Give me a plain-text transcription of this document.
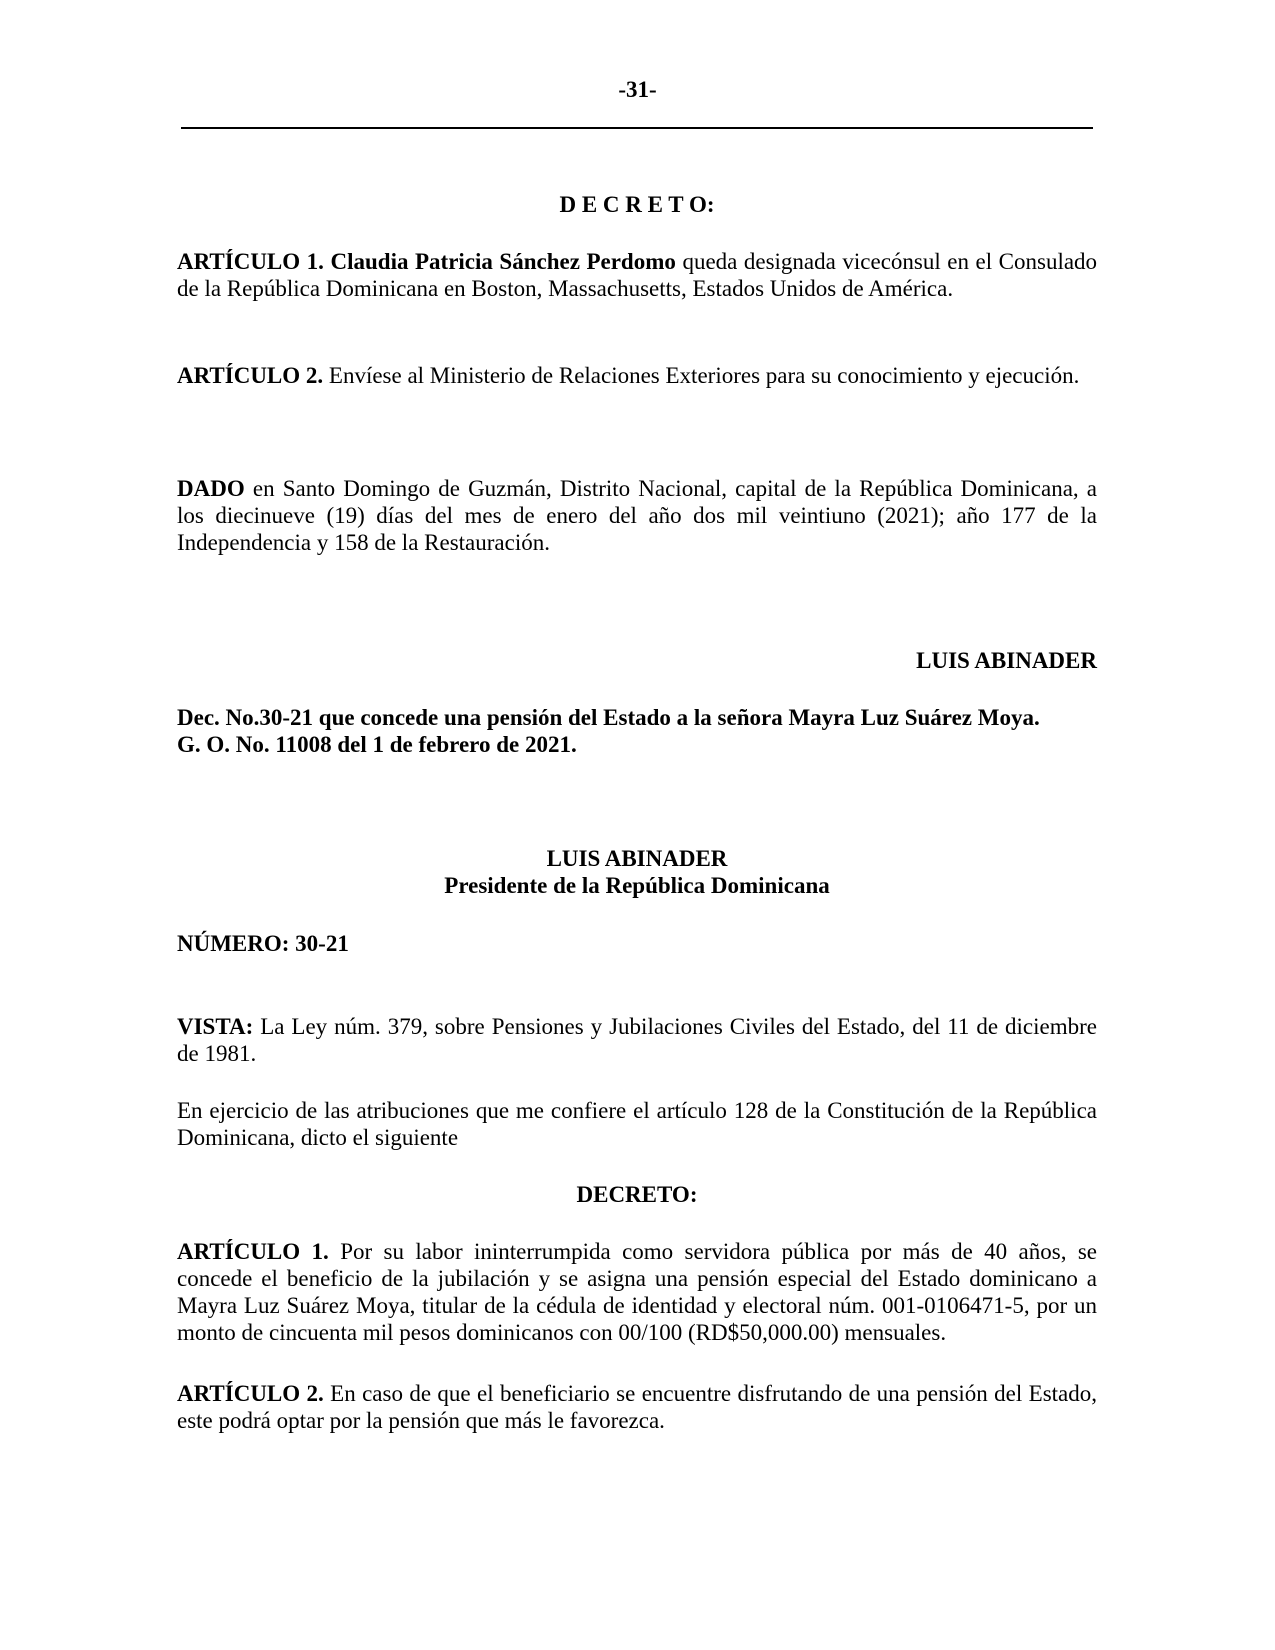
-31-
D E C R E T O:
ARTÍCULO 1. Claudia Patricia Sánchez Perdomo queda designada vicecónsul en el Consulado de la República Dominicana en Boston, Massachusetts, Estados Unidos de América.
ARTÍCULO 2. Envíese al Ministerio de Relaciones Exteriores para su conocimiento y ejecución.
DADO en Santo Domingo de Guzmán, Distrito Nacional, capital de la República Dominicana, a los diecinueve (19) días del mes de enero del año dos mil veintiuno (2021); año 177 de la Independencia y 158 de la Restauración.
LUIS ABINADER
Dec. No.30-21 que concede una pensión del Estado a la señora Mayra Luz Suárez Moya.
G. O. No. 11008 del 1 de febrero de 2021.
LUIS ABINADER
Presidente de la República Dominicana
NÚMERO: 30-21
VISTA: La Ley núm. 379, sobre Pensiones y Jubilaciones Civiles del Estado, del 11 de diciembre de 1981.
En ejercicio de las atribuciones que me confiere el artículo 128 de la Constitución de la República Dominicana, dicto el siguiente
DECRETO:
ARTÍCULO 1. Por su labor ininterrumpida como servidora pública por más de 40 años, se concede el beneficio de la jubilación y se asigna una pensión especial del Estado dominicano a Mayra Luz Suárez Moya, titular de la cédula de identidad y electoral núm. 001-0106471-5, por un monto de cincuenta mil pesos dominicanos con 00/100 (RD$50,000.00) mensuales.
ARTÍCULO 2. En caso de que el beneficiario se encuentre disfrutando de una pensión del Estado, este podrá optar por la pensión que más le favorezca.
